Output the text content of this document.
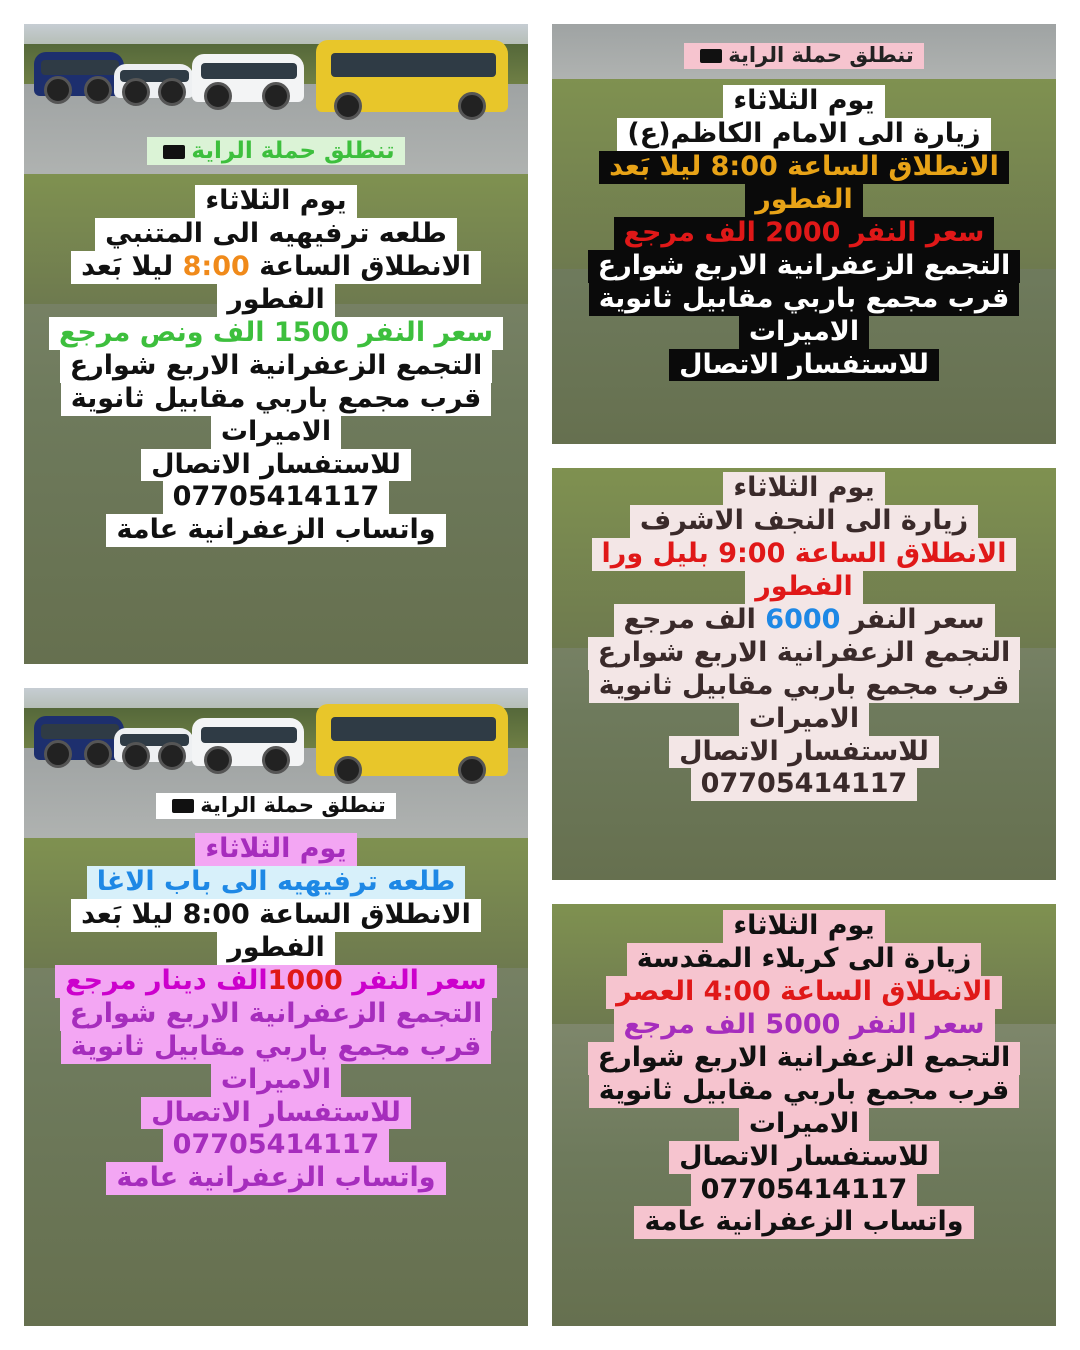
تنطلق حملة الراية
يوم الثلاثاء
طلعه ترفيهيه الى المتنبي
الانطلاق الساعة 8:00 ليلا بَعد
الفطور
سعر النفر 1500 الف ونص مرجع
التجمع الزعفرانية الاربع شوارع
قرب مجمع باربي مقابيل ثانوية
الاميرات
للاستفسار الاتصال
07705414117
واتساب الزعفرانية عامة
تنطلق حملة الراية
يوم الثلاثاء
زيارة الى الامام الكاظم(ع)
الانطلاق الساعة 8:00 ليلا بَعد
الفطور
سعر النفر 2000 الف مرجع
التجمع الزعفرانية الاربع شوارع
قرب مجمع باربي مقابيل ثانوية
الاميرات
للاستفسار الاتصال
يوم الثلاثاء
زيارة الى النجف الاشرف
الانطلاق الساعة 9:00 بليل ورا
الفطور
سعر النفر 6000 الف مرجع
التجمع الزعفرانية الاربع شوارع
قرب مجمع باربي مقابيل ثانوية
الاميرات
للاستفسار الاتصال
07705414117
تنطلق حملة الراية
يوم الثلاثاء
طلعه ترفيهيه الى باب الاغا
الانطلاق الساعة 8:00 ليلا بَعد
الفطور
سعر النفر 1000الف دينار مرجع
التجمع الزعفرانية الاربع شوارع
قرب مجمع باربي مقابيل ثانوية
الاميرات
للاستفسار الاتصال
07705414117
واتساب الزعفرانية عامة
يوم الثلاثاء
زيارة الى كربلاء المقدسة
الانطلاق الساعة 4:00 العصر
سعر النفر 5000 الف مرجع
التجمع الزعفرانية الاربع شوارع
قرب مجمع باربي مقابيل ثانوية
الاميرات
للاستفسار الاتصال
07705414117
واتساب الزعفرانية عامة
